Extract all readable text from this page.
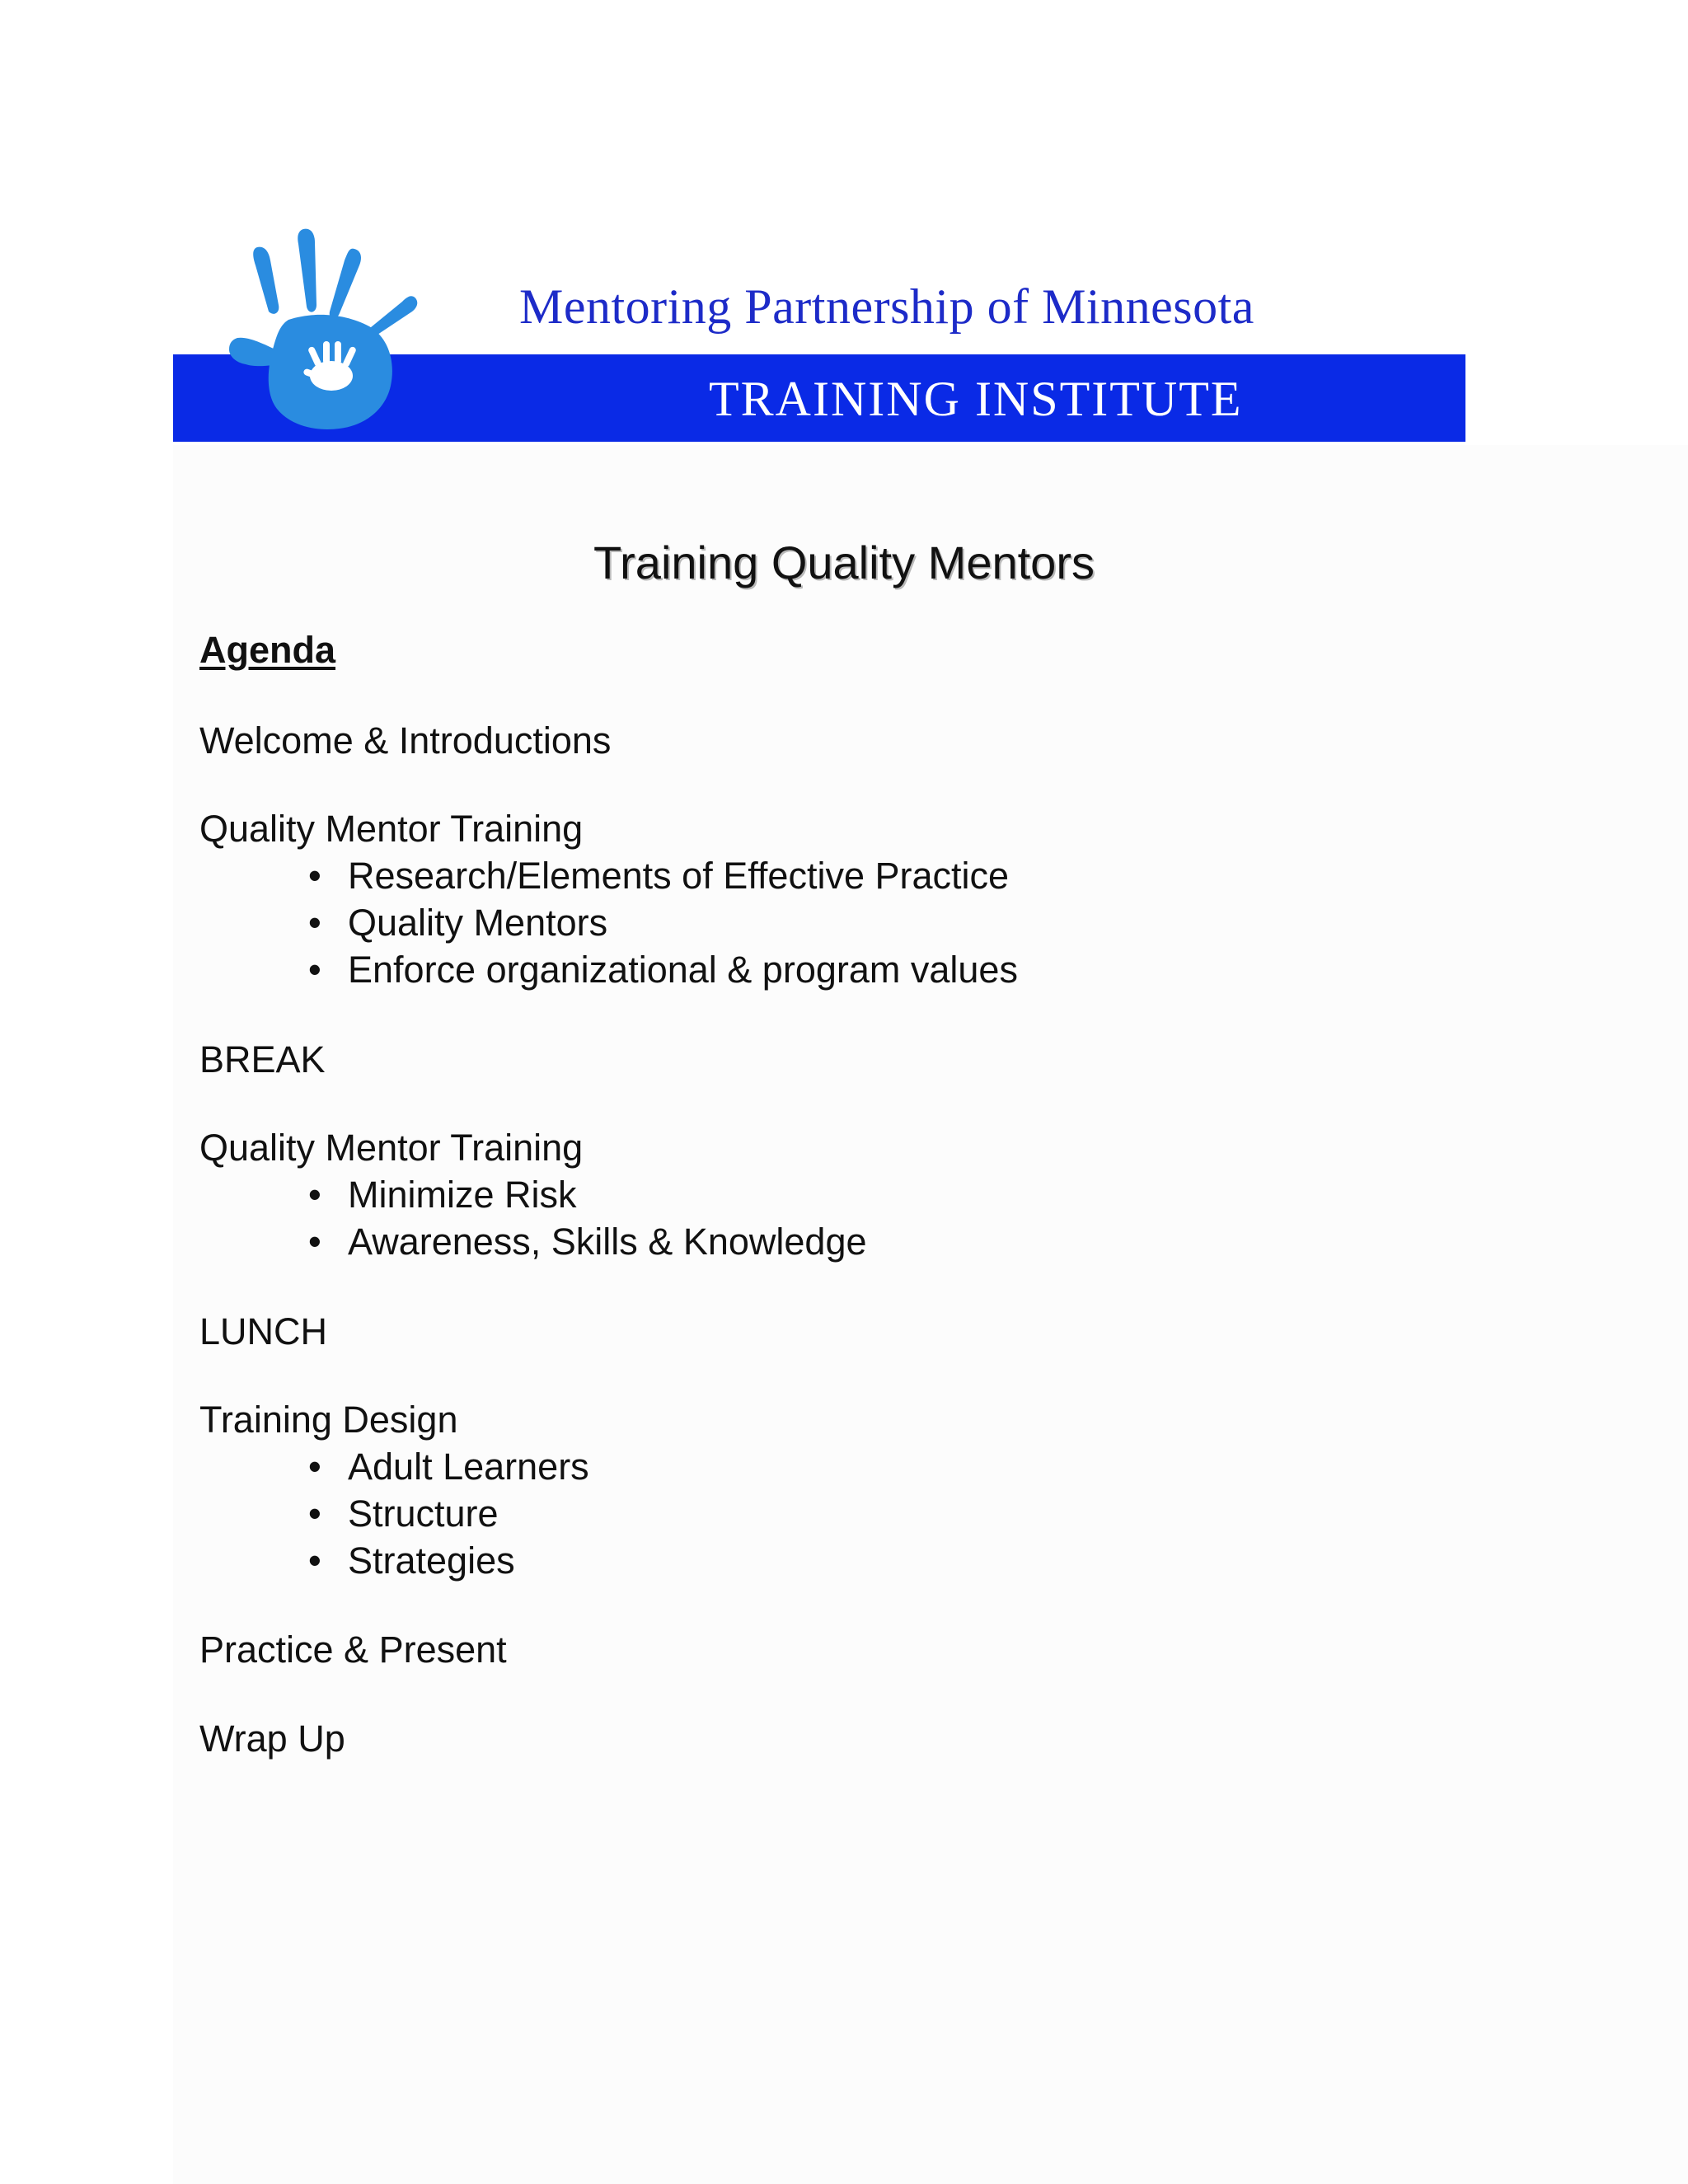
Mentoring Partnership of Minnesota
TRAINING INSTITUTE
Training Quality Mentors
Agenda
Welcome & Introductions
Quality Mentor Training
• Research/Elements of Effective Practice
• Quality Mentors
• Enforce organizational & program values
BREAK
Quality Mentor Training
• Minimize Risk
• Awareness, Skills & Knowledge
LUNCH
Training Design
• Adult Learners
• Structure
• Strategies
Practice & Present
Wrap Up
